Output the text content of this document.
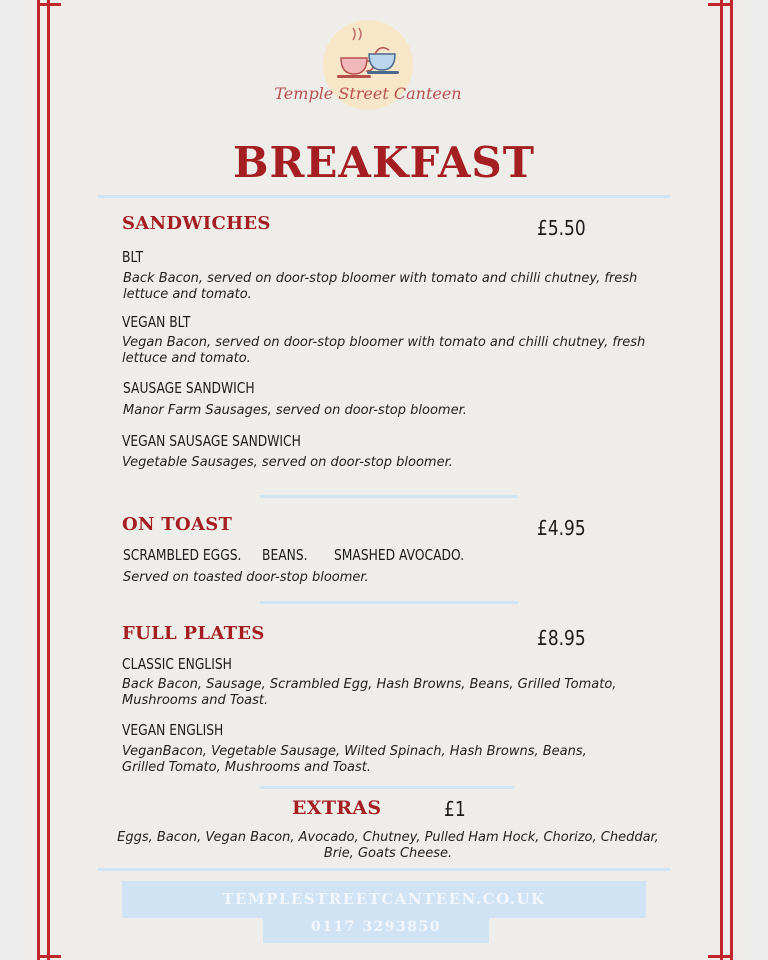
Temple Street Canteen
BREAKFAST
SANDWICHES	£5.50
BLT
Back Bacon, served on door-stop bloomer with tomato and chilli chutney, fresh lettuce and tomato.
VEGAN BLT
Vegan Bacon, served on door-stop bloomer with tomato and chilli chutney, fresh lettuce and tomato.
SAUSAGE SANDWICH
Manor Farm Sausages, served on door-stop bloomer.
VEGAN SAUSAGE SANDWICH
Vegetable Sausages, served on door-stop bloomer.
ON TOAST	£4.95
SCRAMBLED EGGS. BEANS. SMASHED AVOCADO.
Served on toasted door-stop bloomer.
FULL PLATES	£8.95
CLASSIC ENGLISH
Back Bacon, Sausage, Scrambled Egg, Hash Browns, Beans, Grilled Tomato, Mushrooms and Toast.
VEGAN ENGLISH
VeganBacon, Vegetable Sausage, Wilted Spinach, Hash Browns, Beans, Grilled Tomato, Mushrooms and Toast.
EXTRAS	£1
Eggs, Bacon, Vegan Bacon, Avocado, Chutney, Pulled Ham Hock, Chorizo, Cheddar, Brie, Goats Cheese.
TEMPLESTREETCANTEEN.CO.UK
0117 3293850
